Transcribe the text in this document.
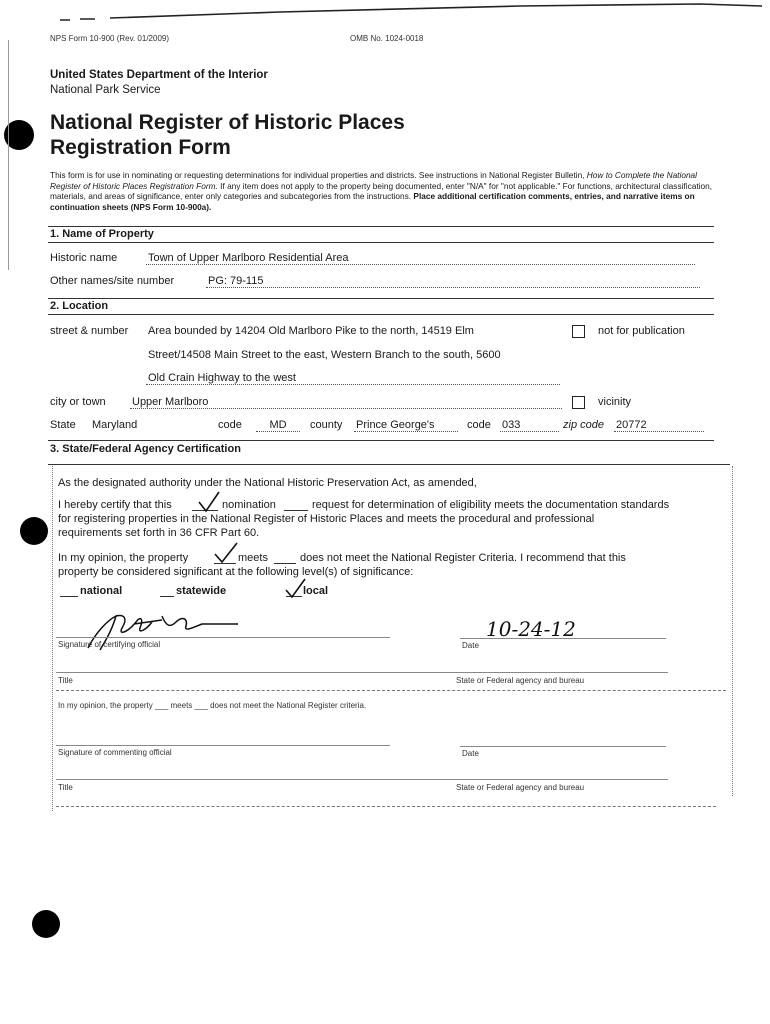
NPS Form 10-900 (Rev. 01/2009)	OMB No. 1024-0018
United States Department of the Interior
National Park Service
National Register of Historic Places
Registration Form
This form is for use in nominating or requesting determinations for individual properties and districts. See instructions in National Register Bulletin, How to Complete the National Register of Historic Places Registration Form. If any item does not apply to the property being documented, enter "N/A" for "not applicable." For functions, architectural classification, materials, and areas of significance, enter only categories and subcategories from the instructions. Place additional certification comments, entries, and narrative items on continuation sheets (NPS Form 10-900a).
1. Name of Property
Historic name	Town of Upper Marlboro Residential Area
Other names/site number	PG: 79-115
2. Location
street & number Area bounded by 14204 Old Marlboro Pike to the north, 14519 Elm	not for publication
Street/14508 Main Street to the east, Western Branch to the south, 5600
Old Crain Highway to the west
city or town Upper Marlboro	vicinity
State Maryland	code	MD	county Prince George's	code 033	zip code 20772
3. State/Federal Agency Certification
As the designated authority under the National Historic Preservation Act, as amended,
I hereby certify that this	nomination	request for determination of eligibility meets the documentation standards
for registering properties in the National Register of Historic Places and meets the procedural and professional
requirements set forth in 36 CFR Part 60.
In my opinion, the property	meets	does not meet the National Register Criteria. I recommend that this
property be considered significant at the following level(s) of significance:
national	statewide	local
Signature of certifying official
10-24-12
Date
Title	State or Federal agency and bureau
In my opinion, the property ___ meets ___ does not meet the National Register criteria.
Signature of commenting official	Date
Title	State or Federal agency and bureau
